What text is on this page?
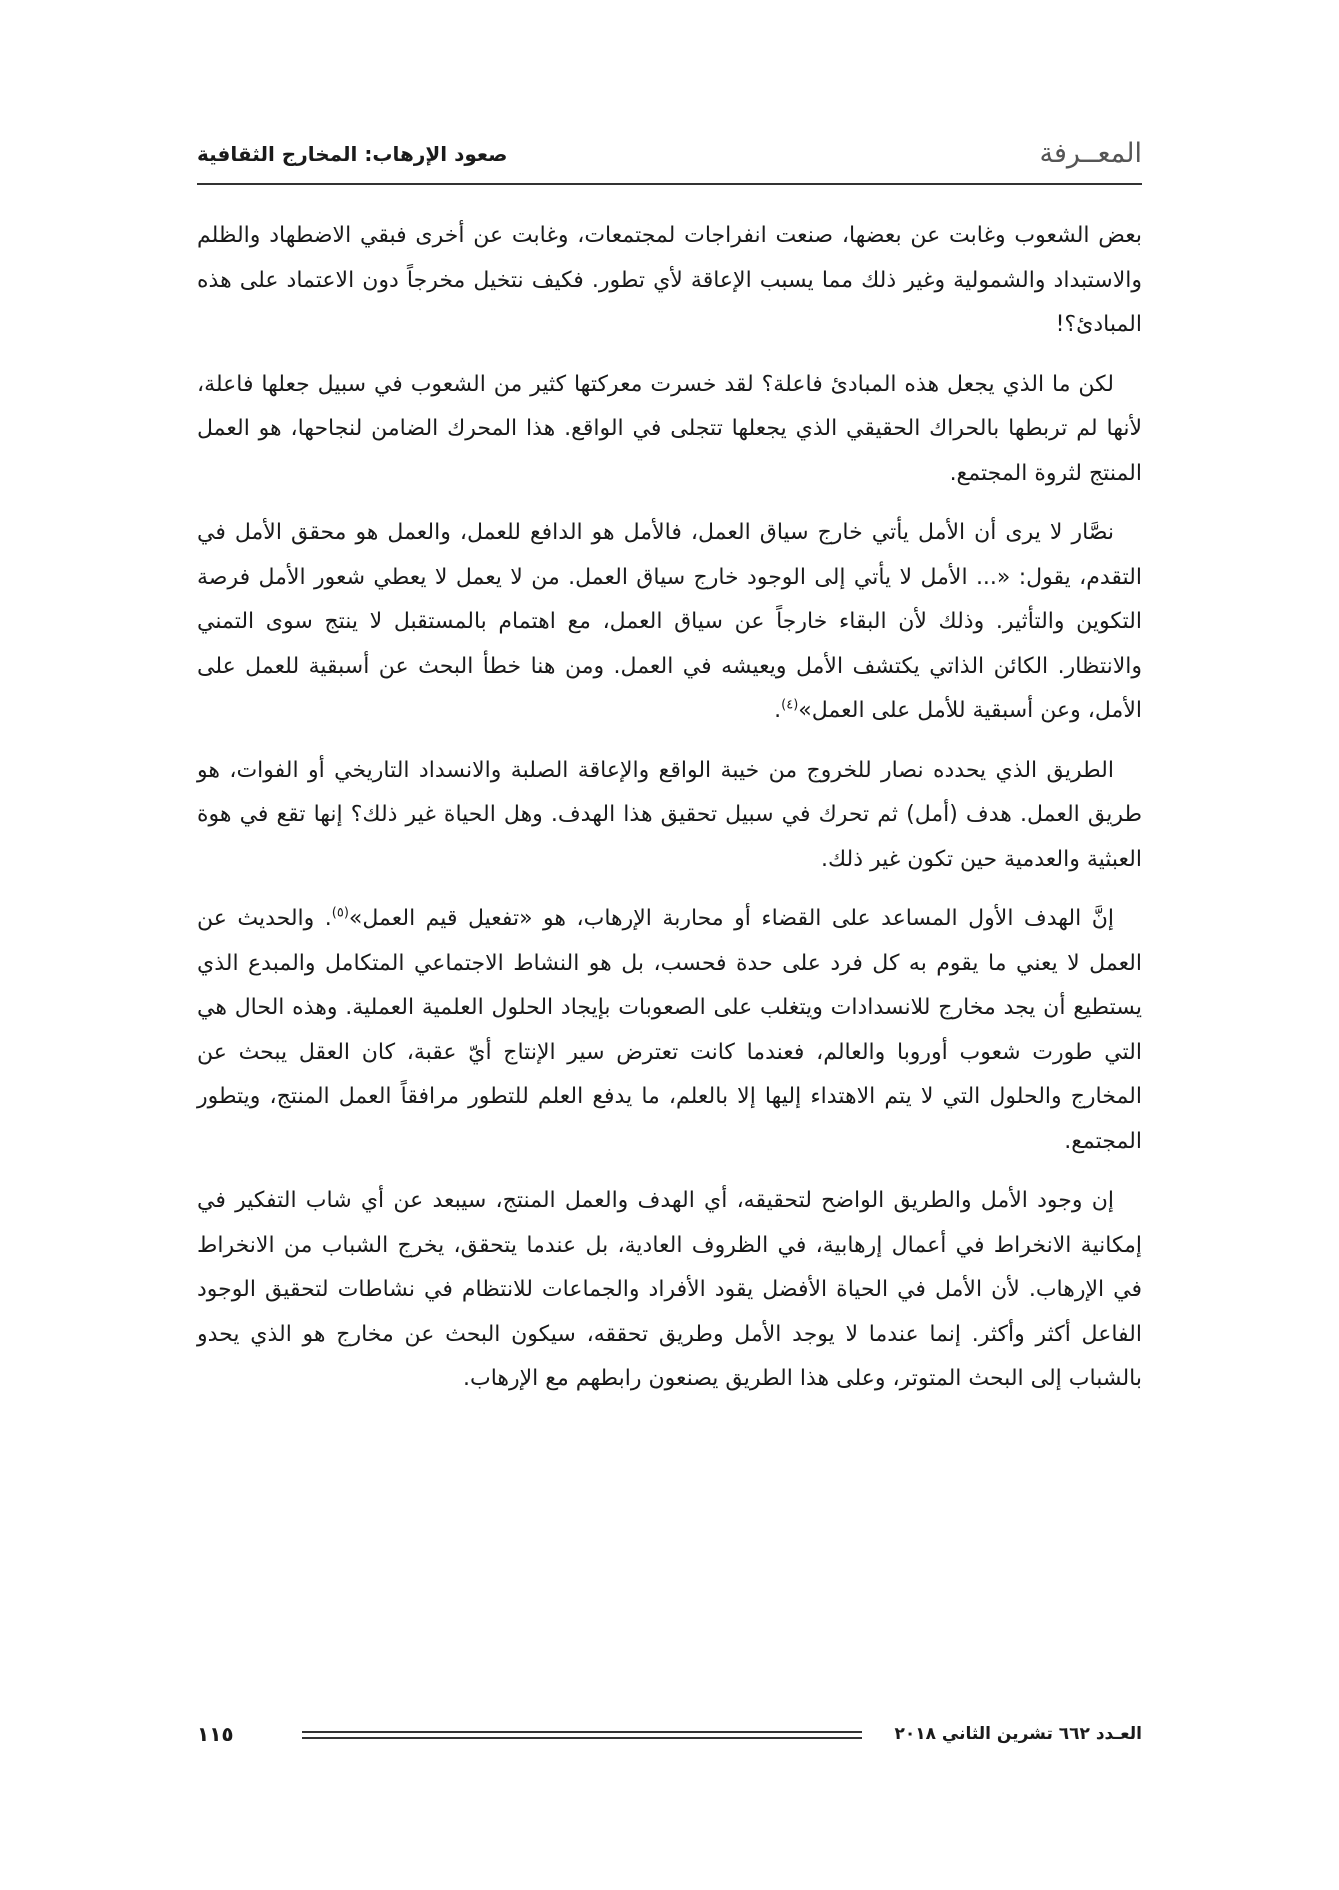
المعــرفة
صعود الإرهاب: المخارج الثقافية

بعض الشعوب وغابت عن بعضها، صنعت انفراجات لمجتمعات، وغابت عن أخرى فبقي الاضطهاد والظلم والاستبداد والشمولية وغير ذلك مما يسبب الإعاقة لأي تطور. فكيف نتخيل مخرجاً دون الاعتماد على هذه المبادئ؟!

لكن ما الذي يجعل هذه المبادئ فاعلة؟ لقد خسرت معركتها كثير من الشعوب في سبيل جعلها فاعلة، لأنها لم تربطها بالحراك الحقيقي الذي يجعلها تتجلى في الواقع. هذا المحرك الضامن لنجاحها، هو العمل المنتج لثروة المجتمع.

نصَّار لا يرى أن الأمل يأتي خارج سياق العمل، فالأمل هو الدافع للعمل، والعمل هو محقق الأمل في التقدم، يقول: «... الأمل لا يأتي إلى الوجود خارج سياق العمل. من لا يعمل لا يعطي شعور الأمل فرصة التكوين والتأثير. وذلك لأن البقاء خارجاً عن سياق العمل، مع اهتمام بالمستقبل لا ينتج سوى التمني والانتظار. الكائن الذاتي يكتشف الأمل ويعيشه في العمل. ومن هنا خطأ البحث عن أسبقية للعمل على الأمل، وعن أسبقية للأمل على العمل»$^{(٤)}$.

الطريق الذي يحدده نصار للخروج من خيبة الواقع والإعاقة الصلبة والانسداد التاريخي أو الفوات، هو طريق العمل. هدف (أمل) ثم تحرك في سبيل تحقيق هذا الهدف. وهل الحياة غير ذلك؟ إنها تقع في هوة العبثية والعدمية حين تكون غير ذلك.

إنَّ الهدف الأول المساعد على القضاء أو محاربة الإرهاب، هو «تفعيل قيم العمل»$^{(٥)}$. والحديث عن العمل لا يعني ما يقوم به كل فرد على حدة فحسب، بل هو النشاط الاجتماعي المتكامل والمبدع الذي يستطيع أن يجد مخارج للانسدادات ويتغلب على الصعوبات بإيجاد الحلول العلمية العملية. وهذه الحال هي التي طورت شعوب أوروبا والعالم، فعندما كانت تعترض سير الإنتاج أيّ عقبة، كان العقل يبحث عن المخارج والحلول التي لا يتم الاهتداء إليها إلا بالعلم، ما يدفع العلم للتطور مرافقاً العمل المنتج، ويتطور المجتمع.

إن وجود الأمل والطريق الواضح لتحقيقه، أي الهدف والعمل المنتج، سيبعد عن أي شاب التفكير في إمكانية الانخراط في أعمال إرهابية، في الظروف العادية، بل عندما يتحقق، يخرج الشباب من الانخراط في الإرهاب. لأن الأمل في الحياة الأفضل يقود الأفراد والجماعات للانتظام في نشاطات لتحقيق الوجود الفاعل أكثر وأكثر. إنما عندما لا يوجد الأمل وطريق تحققه، سيكون البحث عن مخارج هو الذي يحدو بالشباب إلى البحث المتوتر، وعلى هذا الطريق يصنعون رابطهم مع الإرهاب.

العـدد ٦٦٢ تشرين الثاني ٢٠١٨
١١٥
